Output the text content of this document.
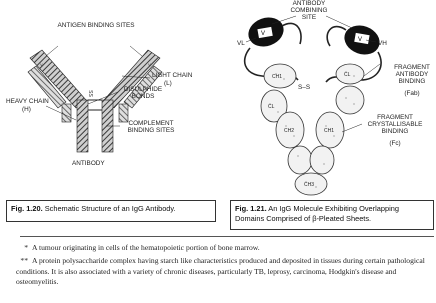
V	V
ANTIGEN BINDING SITES
LIGHT CHAIN
(L)
HEAVY CHAIN
(H)
DISULPHIDE BONDS
COMPLEMENT BINDING SITES
ANTIBODY
SS
V
V
ANTIBODY COMBINING SITE
VL	VH
S–S
FRAGMENT ANTIBODY BINDING
(Fab)
FRAGMENT CRYSTALLISABLE BINDING
(Fc)
CH1	CL
CH2
CH3
CH1
CL
Fig. 1.20. Schematic Structure of an IgG Antibody.	Fig. 1.21. An IgG Molecule Exhibiting Overlapping Domains Comprised of β-Pleated Sheets.
* A tumour originating in cells of the hematopoietic portion of bone marrow.
** A protein polysaccharide complex having starch like characteristics produced and deposited in tissues during certain pathological conditions. It is also associated with a variety of chronic diseases, particularly TB, leprosy, carcinoma, Hodgkin's disease and osteomyelitis.
